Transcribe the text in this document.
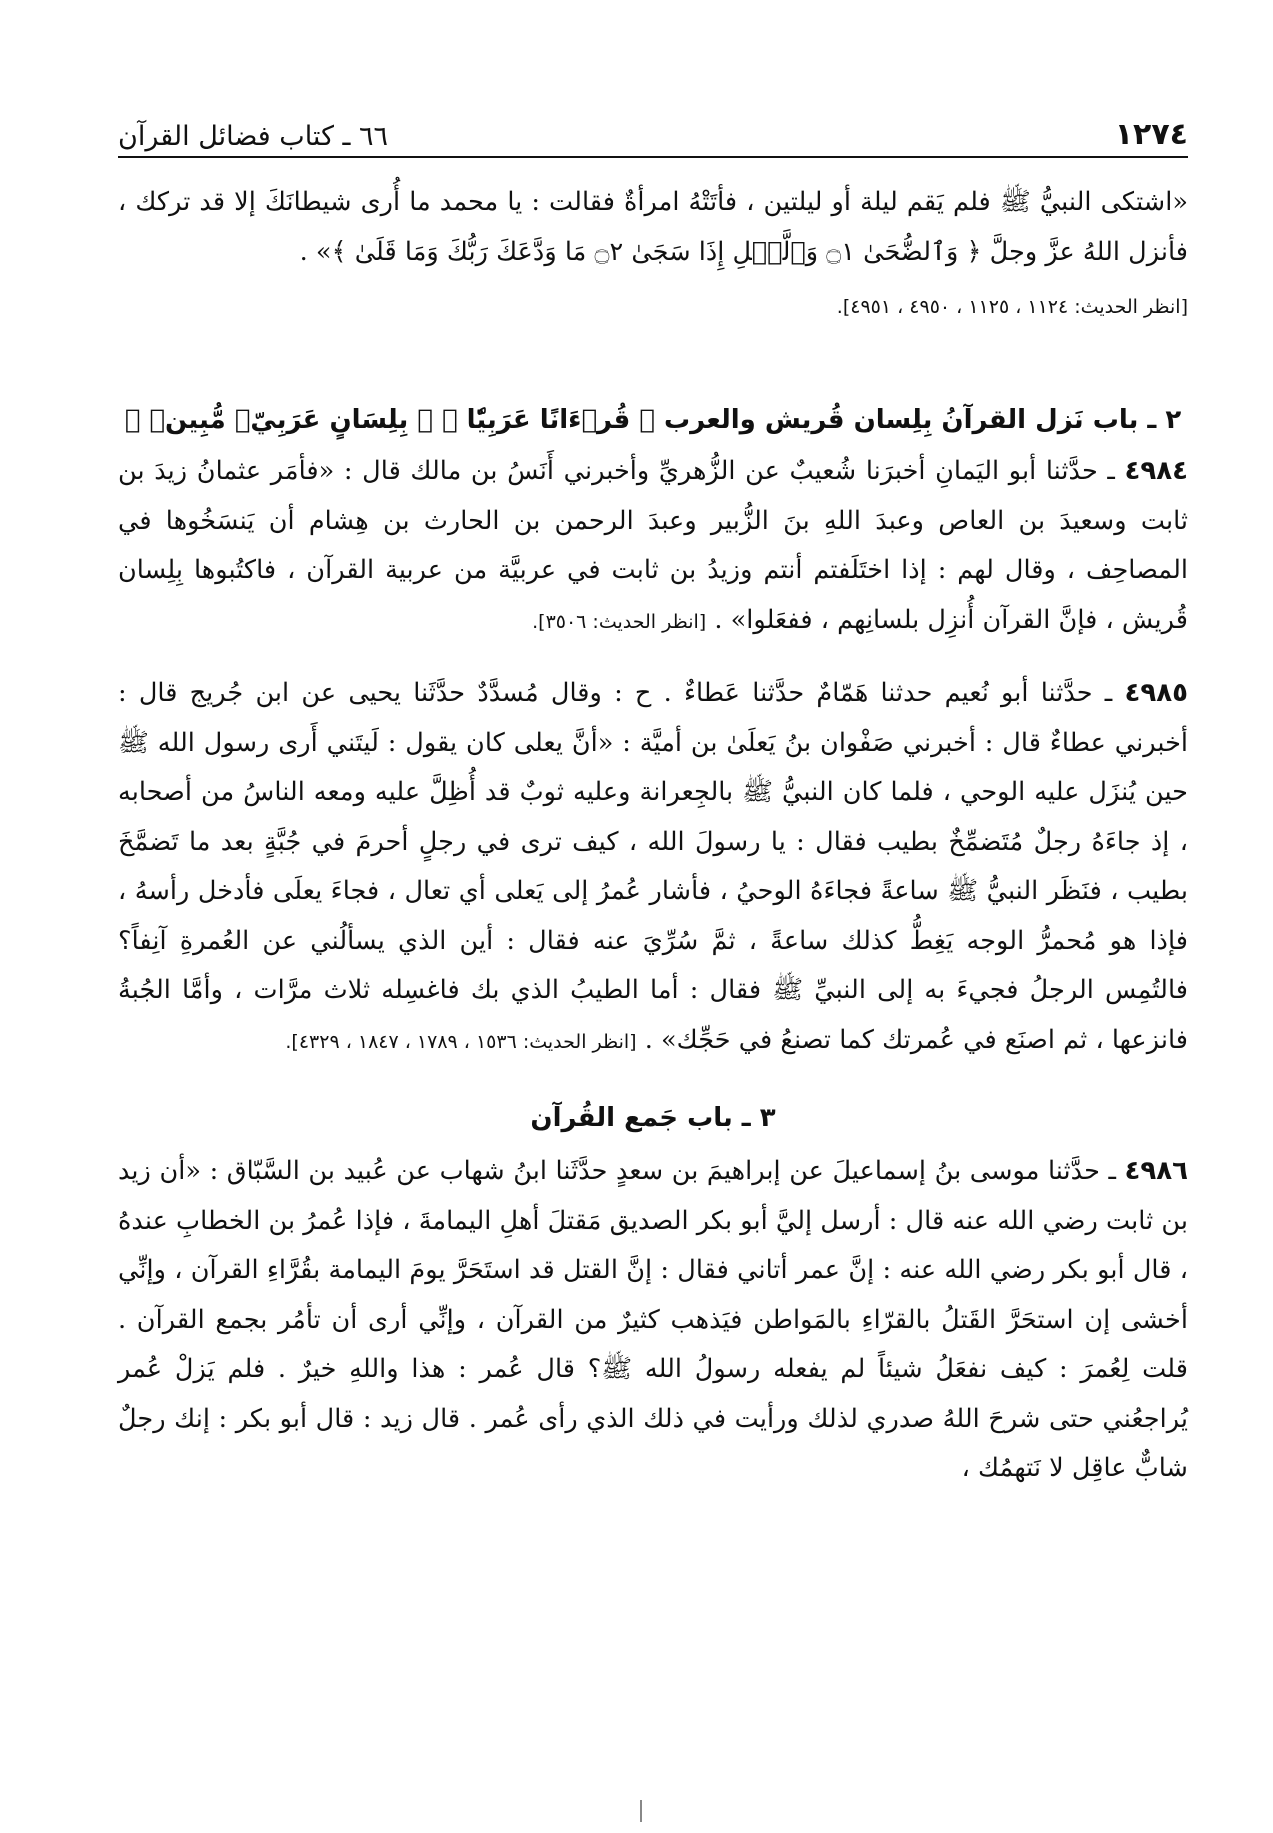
١٢٧٤
٦٦ ـ كتاب فضائل القرآن

«اشتكى النبيُّ ﷺ فلم يَقم ليلة أو ليلتين ، فأتَتْهُ امرأةٌ فقالت : يا محمد ما أُرى شيطانَكَ إلا قد تركك ، فأنزل اللهُ عزَّ وجلَّ ﴿ وَٱلضُّحَىٰ ۝١ وَٱلَّيۡلِ إِذَا سَجَىٰ ۝٢ مَا وَدَّعَكَ رَبُّكَ وَمَا قَلَىٰ ﴾» .

[انظر الحديث: ١١٢٤ ، ١١٢٥ ، ٤٩٥٠ ، ٤٩٥١].

٢ ـ باب نَزل القرآنُ بِلِسان قُريش والعرب ﴿ قُرۡءَانًا عَرَبِيّٗا ﴾ ﴿ بِلِسَانٍ عَرَبِيّٖ مُّبِينٖ ﴾

٤٩٨٤ ـ حدَّثنا أبو اليَمانِ أخبرَنا شُعيبٌ عن الزُّهريِّ وأخبرني أَنَسُ بن مالك قال : «فأمَر عثمانُ زيدَ بن ثابت وسعيدَ بن العاص وعبدَ اللهِ بنَ الزُّبير وعبدَ الرحمن بن الحارث بن هِشام أن يَنسَخُوها في المصاحِف ، وقال لهم : إذا اختَلَفتم أنتم وزيدُ بن ثابت في عربيَّة من عربية القرآن ، فاكتُبوها بِلِسان قُريش ، فإنَّ القرآن أُنزِل بلسانِهم ، ففعَلوا» . [انظر الحديث: ٣٥٠٦].

٤٩٨٥ ـ حدَّثنا أبو نُعيم حدثنا هَمّامٌ حدَّثنا عَطاءٌ . ح : وقال مُسدَّدٌ حدَّثَنا يحيى عن ابن جُريج قال : أخبرني عطاءٌ قال : أخبرني صَفْوان بنُ يَعلَىٰ بن أميَّة : «أنَّ يعلى كان يقول : لَيتَني أَرى رسول الله ﷺ حين يُنزَل عليه الوحي ، فلما كان النبيُّ ﷺ بالجِعرانة وعليه ثوبٌ قد أُظِلَّ عليه ومعه الناسُ من أصحابه ، إذ جاءَهُ رجلٌ مُتَضمِّخٌ بطيب فقال : يا رسولَ الله ، كيف ترى في رجلٍ أحرمَ في جُبَّةٍ بعد ما تَضمَّخَ بطيب ، فنَظَر النبيُّ ﷺ ساعةً فجاءَهُ الوحيُ ، فأشار عُمرُ إلى يَعلى أي تعال ، فجاءَ يعلَى فأدخل رأسهُ ، فإذا هو مُحمرُّ الوجه يَغِطُّ كذلك ساعةً ، ثمَّ سُرِّيَ عنه فقال : أين الذي يسألُني عن العُمرةِ آنِفاً؟ فالتُمِس الرجلُ فجيءَ به إلى النبيِّ ﷺ فقال : أما الطيبُ الذي بك فاغسِله ثلاث مرَّات ، وأمَّا الجُبةُ فانزعها ، ثم اصنَع في عُمرتك كما تصنعُ في حَجِّك» . [انظر الحديث: ١٥٣٦ ، ١٧٨٩ ، ١٨٤٧ ، ٤٣٢٩].

٣ ـ باب جَمع القُرآن

٤٩٨٦ ـ حدَّثنا موسى بنُ إسماعيلَ عن إبراهيمَ بن سعدٍ حدَّثَنا ابنُ شهاب عن عُبيد بن السَّبّاق : «أن زيد بن ثابت رضي الله عنه قال : أرسل إليَّ أبو بكر الصديق مَقتلَ أهلِ اليمامةَ ، فإذا عُمرُ بن الخطابِ عندهُ ، قال أبو بكر رضي الله عنه : إنَّ عمر أتاني فقال : إنَّ القتل قد استَحَرَّ يومَ اليمامة بقُرَّاءِ القرآن ، وإنِّي أخشى إن استحَرَّ القَتلُ بالقرّاءِ بالمَواطن فيَذهب كثيرٌ من القرآن ، وإنِّي أرى أن تأمُر بجمع القرآن . قلت لِعُمرَ : كيف نفعَلُ شيئاً لم يفعله رسولُ الله ﷺ؟ قال عُمر : هذا واللهِ خيرٌ . فلم يَزلْ عُمر يُراجعُني حتى شرحَ اللهُ صدري لذلك ورأيت في ذلك الذي رأى عُمر . قال زيد : قال أبو بكر : إنك رجلٌ شابٌّ عاقِل لا نَتهمُك ،
